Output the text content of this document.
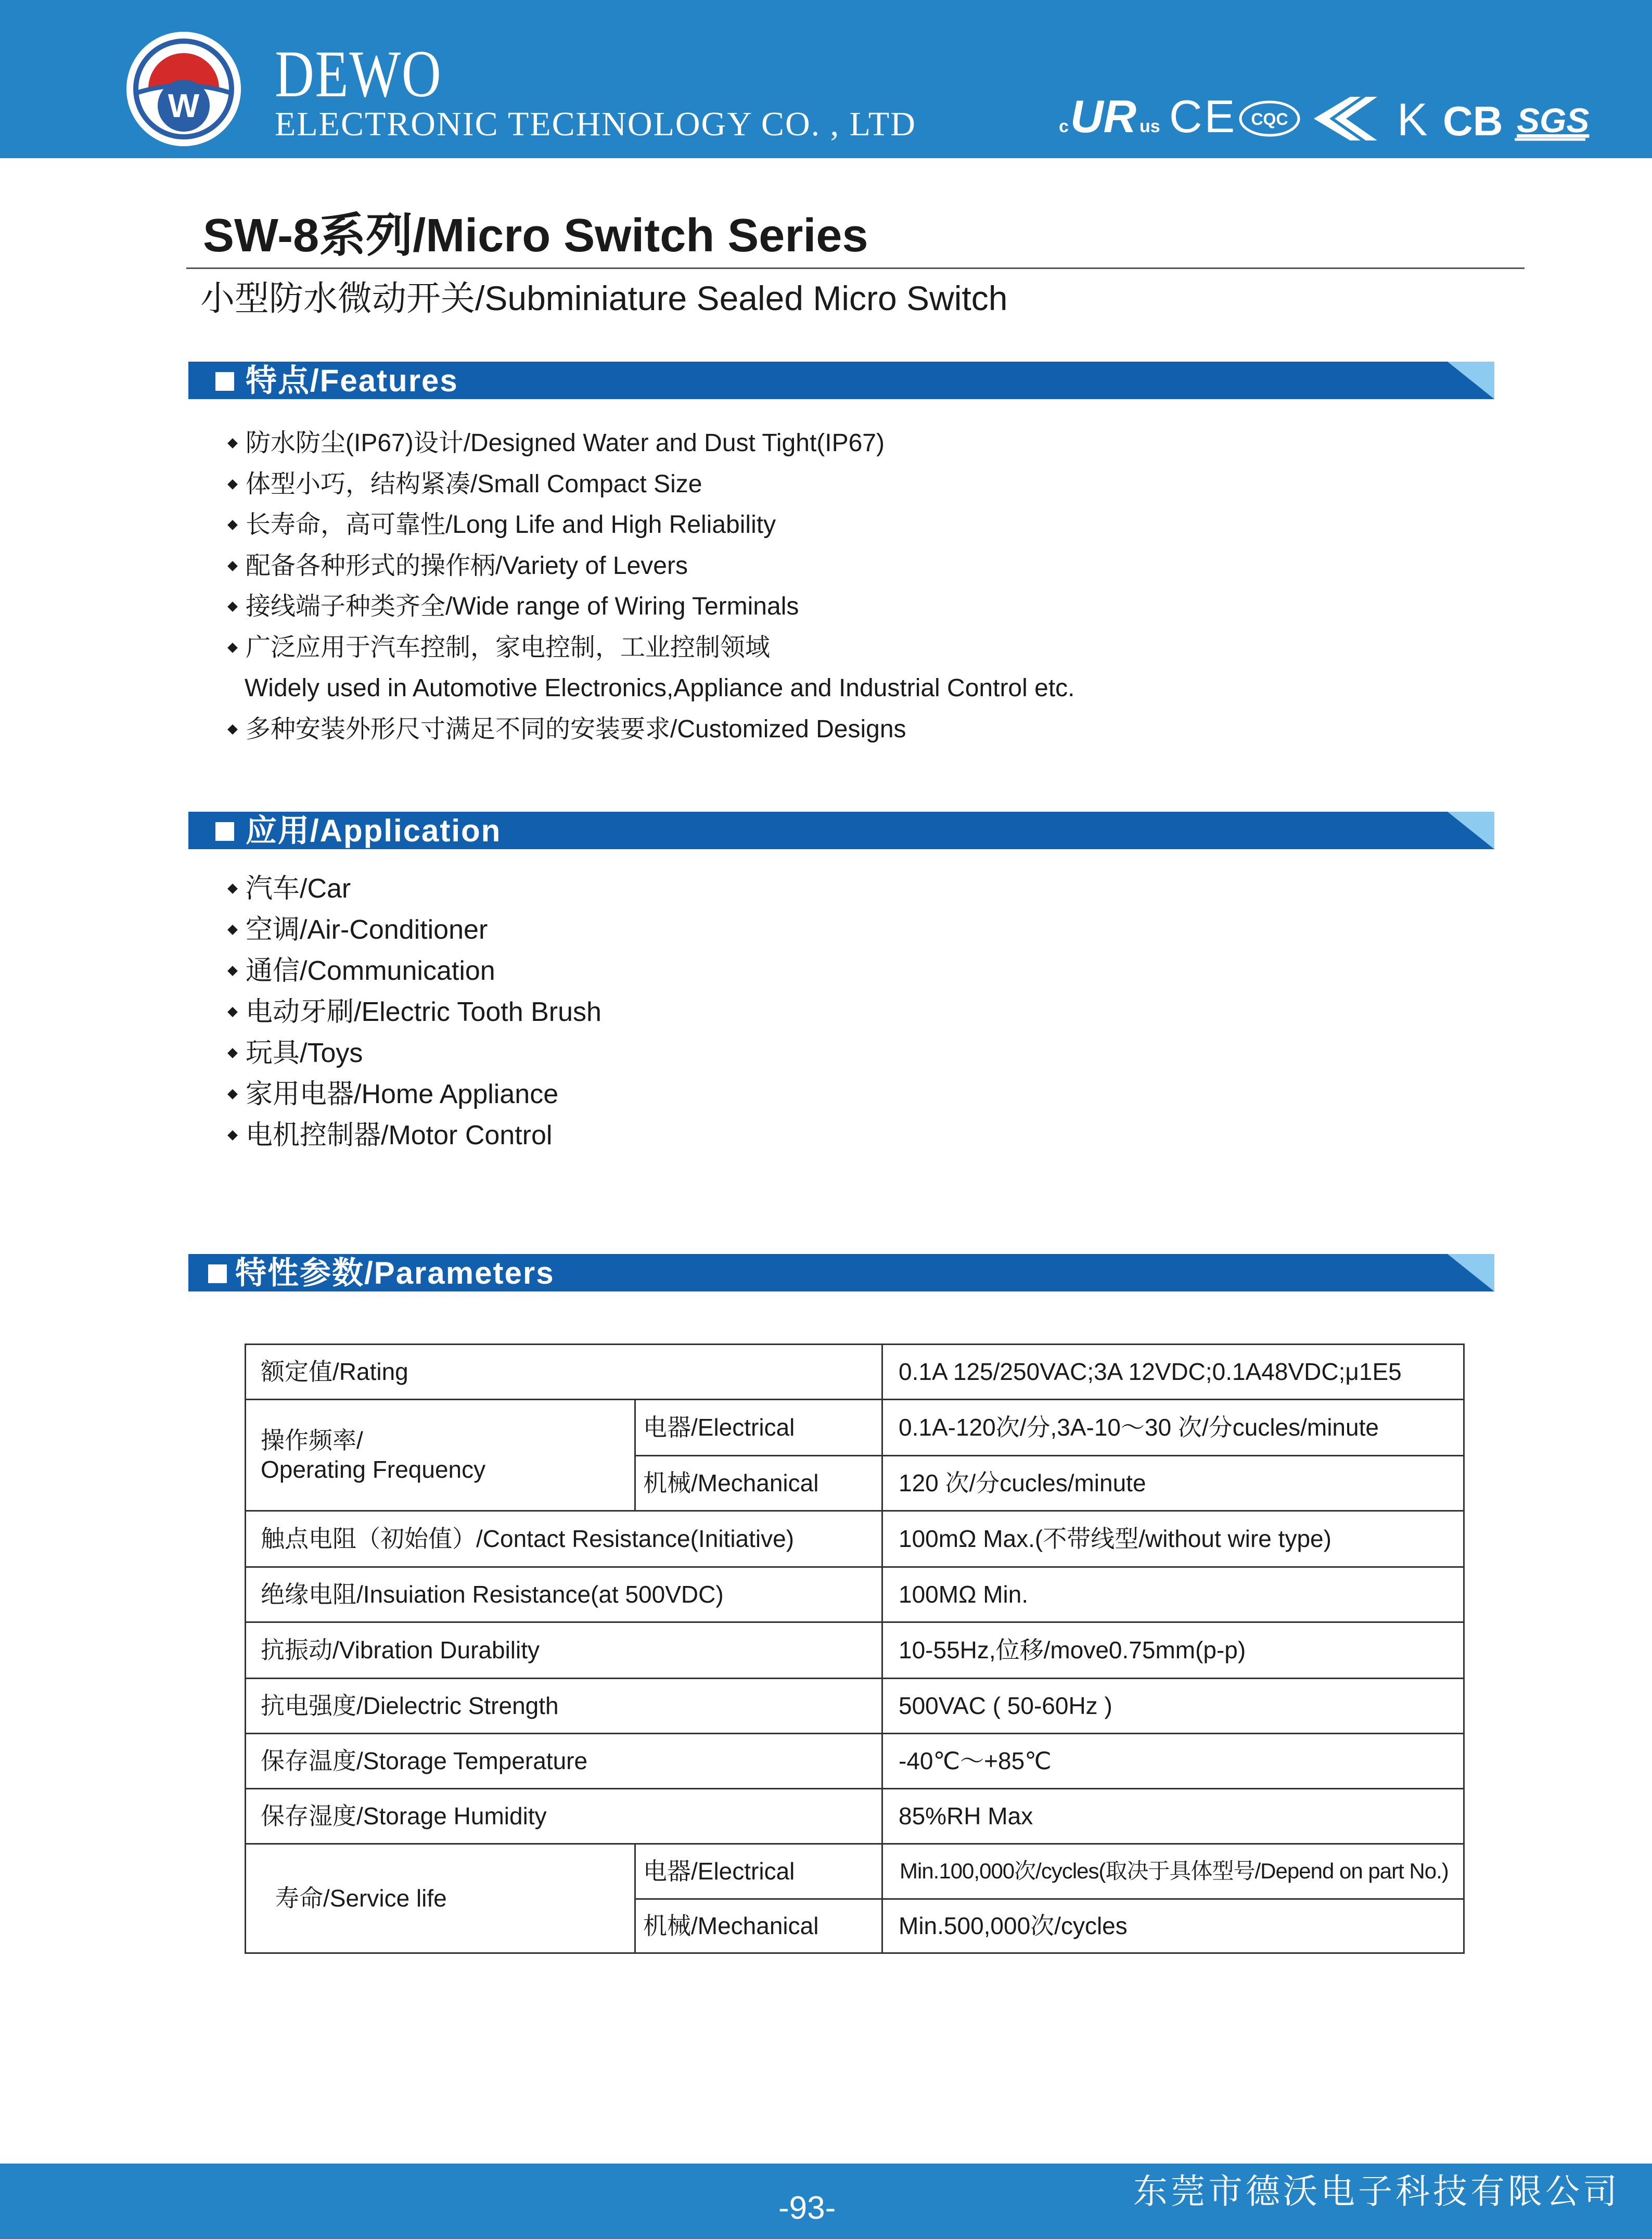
W DEWO
ELECTRONIC TECHNOLOGY CO. , LTD	c UR us CE CQC
CCC
K CB SGS
SW-8系列/Micro Switch Series
小型防水微动开关/Subminiature Sealed Micro Switch
特点/Features
防水防尘(IP67)设计/Designed Water and Dust Tight(IP67)
体型小巧，结构紧凑/Small Compact Size
长寿命，高可靠性/Long Life and High Reliability
配备各种形式的操作柄/Variety of Levers
接线端子种类齐全/Wide range of Wiring Terminals
广泛应用于汽车控制，家电控制，工业控制领域
Widely used in Automotive Electronics,Appliance and Industrial Control etc.
多种安装外形尺寸满足不同的安装要求/Customized Designs
应用/Application
汽车/Car
空调/Air-Conditioner
通信/Communication
电动牙刷/Electric Tooth Brush
玩具/Toys
家用电器/Home Appliance
电机控制器/Motor Control
特性参数/Parameters
额定值/Rating		0.1A 125/250VAC;3A 12VDC;0.1A48VDC;μ1E5

操作频率/
Operating Frequency	电器/Electrical	0.1A-120次/分,3A-10～30 次/分cucles/minute
	机械/Mechanical	120 次/分cucles/minute
触点电阻（初始值）/Contact Resistance(Initiative)		100mΩ Max.(不带线型/without wire type)
绝缘电阻/Insuiation Resistance(at 500VDC)		100MΩ Min.
抗振动/Vibration Durability		10-55Hz,位移/move0.75mm(p-p)
抗电强度/Dielectric Strength		500VAC ( 50-60Hz )
保存温度/Storage Temperature		-40℃～+85℃
保存湿度/Storage Humidity		85%RH Max
寿命/Service life	电器/Electrical	Min.100,000次/cycles(取决于具体型号/Depend on part No.)
	机械/Mechanical	Min.500,000次/cycles
-93-	东莞市德沃电子科技有限公司
